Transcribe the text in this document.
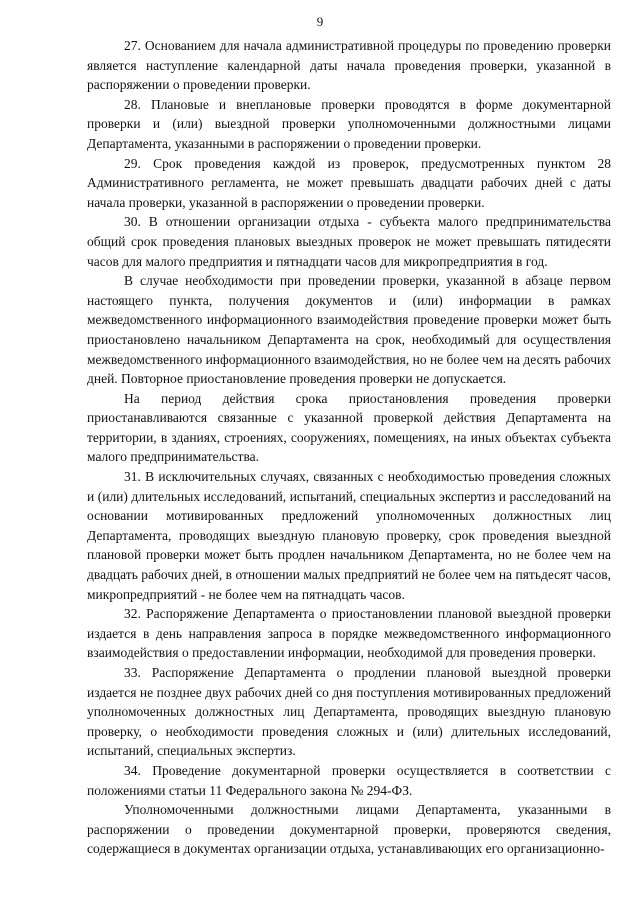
9

27. Основанием для начала административной процедуры по проведению проверки является наступление календарной даты начала проведения проверки, указанной в распоряжении о проведении проверки.

28. Плановые и внеплановые проверки проводятся в форме документарной проверки и (или) выездной проверки уполномоченными должностными лицами Департамента, указанными в распоряжении о проведении проверки.

29. Срок проведения каждой из проверок, предусмотренных пунктом 28 Административного регламента, не может превышать двадцати рабочих дней с даты начала проверки, указанной в распоряжении о проведении проверки.

30. В отношении организации отдыха - субъекта малого предпринимательства общий срок проведения плановых выездных проверок не может превышать пятидесяти часов для малого предприятия и пятнадцати часов для микропредприятия в год.

В случае необходимости при проведении проверки, указанной в абзаце первом настоящего пункта, получения документов и (или) информации в рамках межведомственного информационного взаимодействия проведение проверки может быть приостановлено начальником Департамента на срок, необходимый для осуществления межведомственного информационного взаимодействия, но не более чем на десять рабочих дней. Повторное приостановление проведения проверки не допускается.

На период действия срока приостановления проведения проверки приостанавливаются связанные с указанной проверкой действия Департамента на территории, в зданиях, строениях, сооружениях, помещениях, на иных объектах субъекта малого предпринимательства.

31. В исключительных случаях, связанных с необходимостью проведения сложных и (или) длительных исследований, испытаний, специальных экспертиз и расследований на основании мотивированных предложений уполномоченных должностных лиц Департамента, проводящих выездную плановую проверку, срок проведения выездной плановой проверки может быть продлен начальником Департамента, но не более чем на двадцать рабочих дней, в отношении малых предприятий не более чем на пятьдесят часов, микропредприятий - не более чем на пятнадцать часов.

32. Распоряжение Департамента о приостановлении плановой выездной проверки издается в день направления запроса в порядке межведомственного информационного взаимодействия о предоставлении информации, необходимой для проведения проверки.

33. Распоряжение Департамента о продлении плановой выездной проверки издается не позднее двух рабочих дней со дня поступления мотивированных предложений уполномоченных должностных лиц Департамента, проводящих выездную плановую проверку, о необходимости проведения сложных и (или) длительных исследований, испытаний, специальных экспертиз.

34. Проведение документарной проверки осуществляется в соответствии с положениями статьи 11 Федерального закона № 294-ФЗ.

Уполномоченными должностными лицами Департамента, указанными в распоряжении о проведении документарной проверки, проверяются сведения, содержащиеся в документах организации отдыха, устанавливающих его организационно-
